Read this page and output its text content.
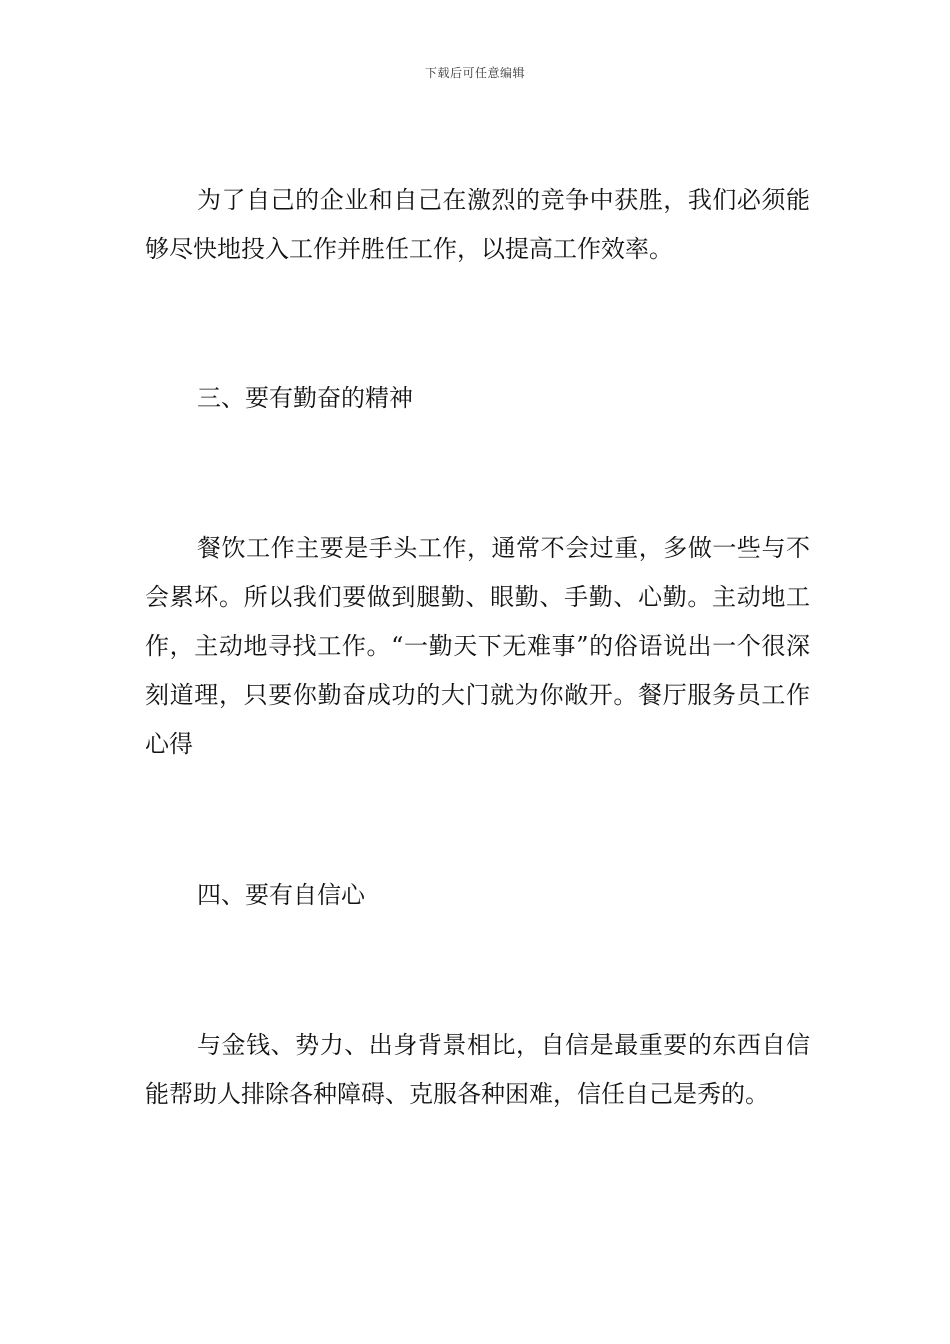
下载后可任意编辑

为了自己的企业和自己在激烈的竞争中获胜，我们必须能够尽快地投入工作并胜任工作，以提高工作效率。

三、要有勤奋的精神

餐饮工作主要是手头工作，通常不会过重，多做一些与不会累坏。所以我们要做到腿勤、眼勤、手勤、心勤。主动地工作，主动地寻找工作。“一勤天下无难事”的俗语说出一个很深刻道理，只要你勤奋成功的大门就为你敞开。餐厅服务员工作心得

四、要有自信心

与金钱、势力、出身背景相比，自信是最重要的东西自信能帮助人排除各种障碍、克服各种困难，信任自己是秀的。
